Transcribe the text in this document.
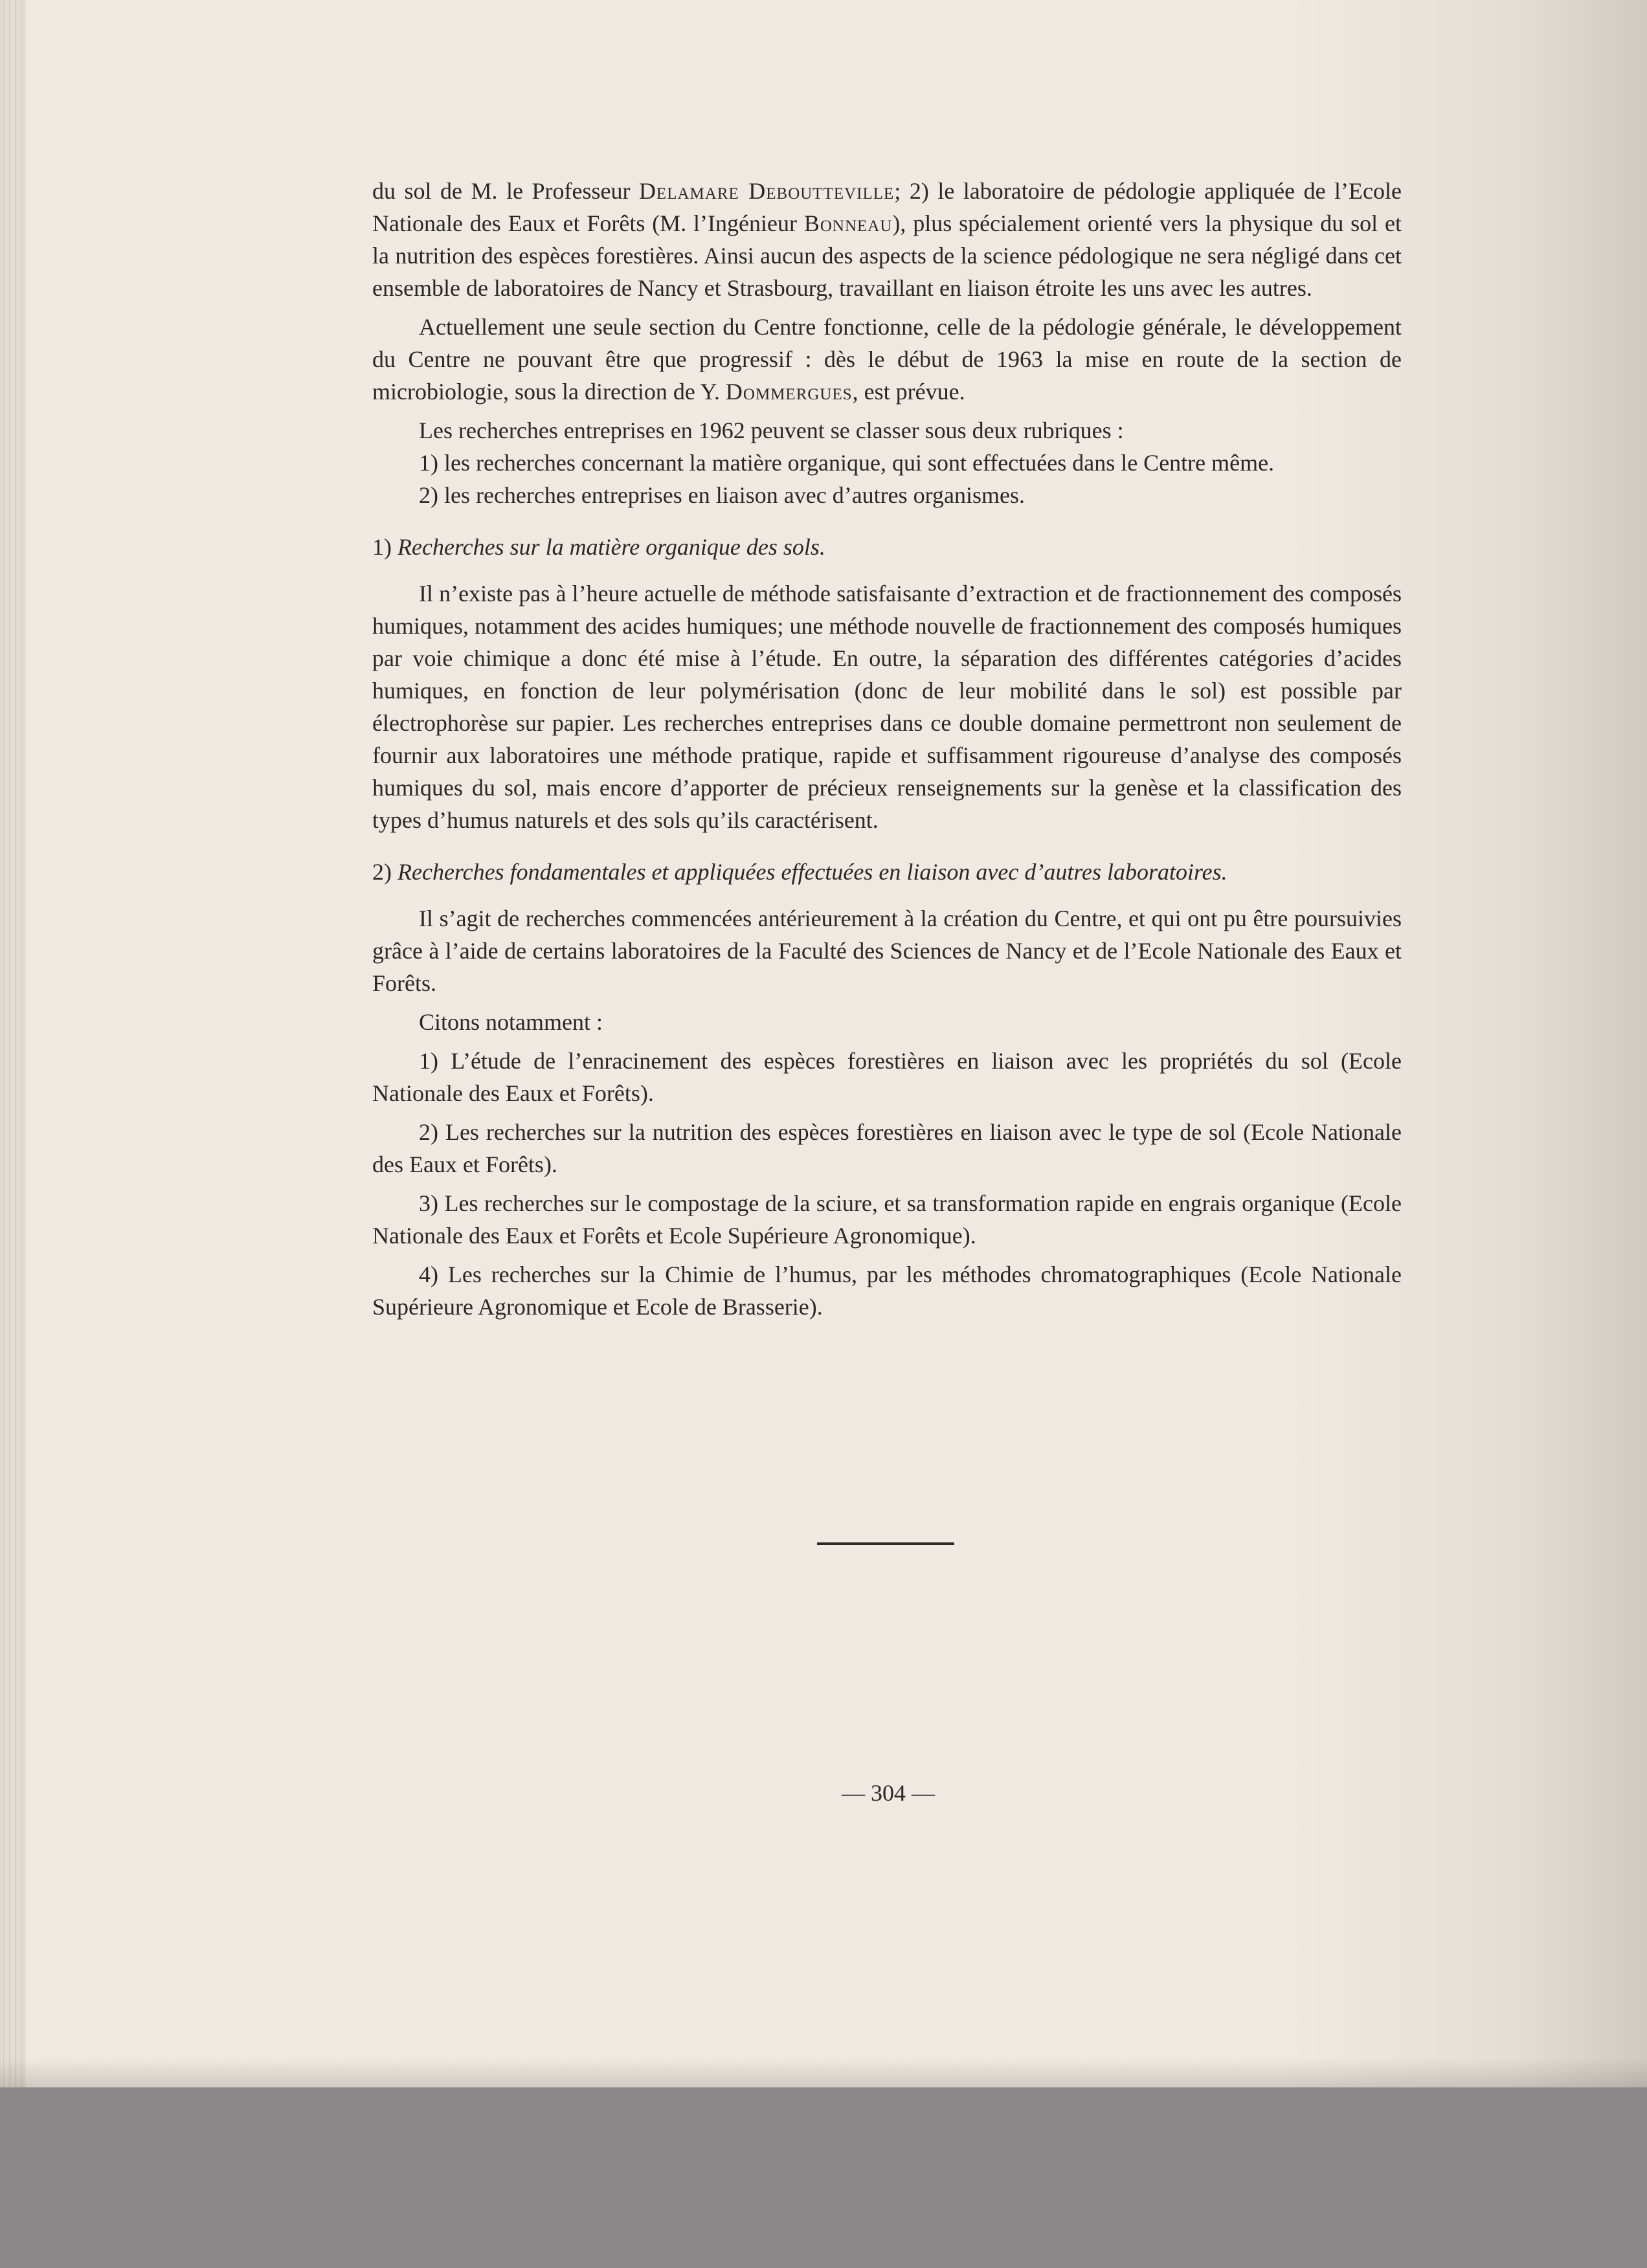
du sol de M. le Professeur Delamare Deboutteville; 2) le laboratoire de pédologie appliquée de l’Ecole Nationale des Eaux et Forêts (M. l’Ingénieur Bonneau), plus spécialement orienté vers la physique du sol et la nutrition des espèces forestières. Ainsi aucun des aspects de la science pédologique ne sera négligé dans cet ensemble de laboratoires de Nancy et Strasbourg, travaillant en liaison étroite les uns avec les autres.

Actuellement une seule section du Centre fonctionne, celle de la pédologie générale, le développement du Centre ne pouvant être que progressif : dès le début de 1963 la mise en route de la section de microbiologie, sous la direction de Y. Dommergues, est prévue.

Les recherches entreprises en 1962 peuvent se classer sous deux rubriques :

1) les recherches concernant la matière organique, qui sont effectuées dans le Centre même.

2) les recherches entreprises en liaison avec d’autres organismes.

1) Recherches sur la matière organique des sols.

Il n’existe pas à l’heure actuelle de méthode satisfaisante d’extraction et de fractionnement des composés humiques, notamment des acides humiques; une méthode nouvelle de fractionnement des composés humiques par voie chimique a donc été mise à l’étude. En outre, la séparation des différentes catégories d’acides humiques, en fonction de leur polymérisation (donc de leur mobilité dans le sol) est possible par électrophorèse sur papier. Les recherches entreprises dans ce double domaine permettront non seulement de fournir aux laboratoires une méthode pratique, rapide et suffisamment rigoureuse d’analyse des composés humiques du sol, mais encore d’apporter de précieux renseignements sur la genèse et la classification des types d’humus naturels et des sols qu’ils caractérisent.

2) Recherches fondamentales et appliquées effectuées en liaison avec d’autres laboratoires.

Il s’agit de recherches commencées antérieurement à la création du Centre, et qui ont pu être poursuivies grâce à l’aide de certains laboratoires de la Faculté des Sciences de Nancy et de l’Ecole Nationale des Eaux et Forêts.

Citons notamment :

1) L’étude de l’enracinement des espèces forestières en liaison avec les propriétés du sol (Ecole Nationale des Eaux et Forêts).

2) Les recherches sur la nutrition des espèces forestières en liaison avec le type de sol (Ecole Nationale des Eaux et Forêts).

3) Les recherches sur le compostage de la sciure, et sa transformation rapide en engrais organique (Ecole Nationale des Eaux et Forêts et Ecole Supérieure Agronomique).

4) Les recherches sur la Chimie de l’humus, par les méthodes chromatographiques (Ecole Nationale Supérieure Agronomique et Ecole de Brasserie).

— 304 —
